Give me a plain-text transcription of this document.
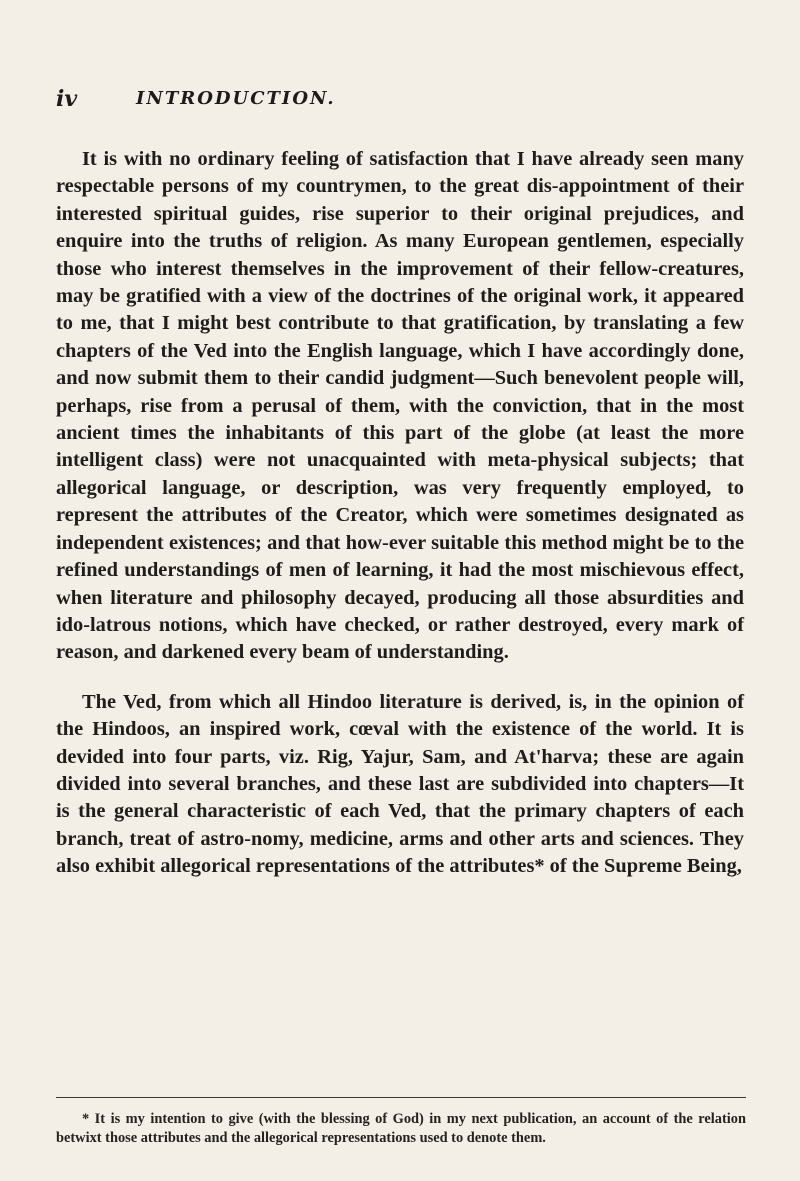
iv	INTRODUCTION.

It is with no ordinary feeling of satisfaction that I have already seen many respectable persons of my countrymen, to the great dis-appointment of their interested spiritual guides, rise superior to their original prejudices, and enquire into the truths of religion. As many European gentlemen, especially those who interest themselves in the improvement of their fellow-creatures, may be gratified with a view of the doctrines of the original work, it appeared to me, that I might best contribute to that gratification, by translating a few chapters of the Ved into the English language, which I have accordingly done, and now submit them to their candid judgment—Such benevolent people will, perhaps, rise from a perusal of them, with the conviction, that in the most ancient times the inhabitants of this part of the globe (at least the more intelligent class) were not unacquainted with meta-physical subjects; that allegorical language, or description, was very frequently employed, to represent the attributes of the Creator, which were sometimes designated as independent existences; and that how-ever suitable this method might be to the refined understandings of men of learning, it had the most mischievous effect, when literature and philosophy decayed, producing all those absurdities and ido-latrous notions, which have checked, or rather destroyed, every mark of reason, and darkened every beam of understanding.

The Ved, from which all Hindoo literature is derived, is, in the opinion of the Hindoos, an inspired work, cœval with the existence of the world. It is devided into four parts, viz. Rig, Yajur, Sam, and At'harva; these are again divided into several branches, and these last are subdivided into chapters—It is the general characteristic of each Ved, that the primary chapters of each branch, treat of astro-nomy, medicine, arms and other arts and sciences. They also exhibit allegorical representations of the attributes* of the Supreme Being,

* It is my intention to give (with the blessing of God) in my next publication, an account of the relation betwixt those attributes and the allegorical representations used to denote them.
